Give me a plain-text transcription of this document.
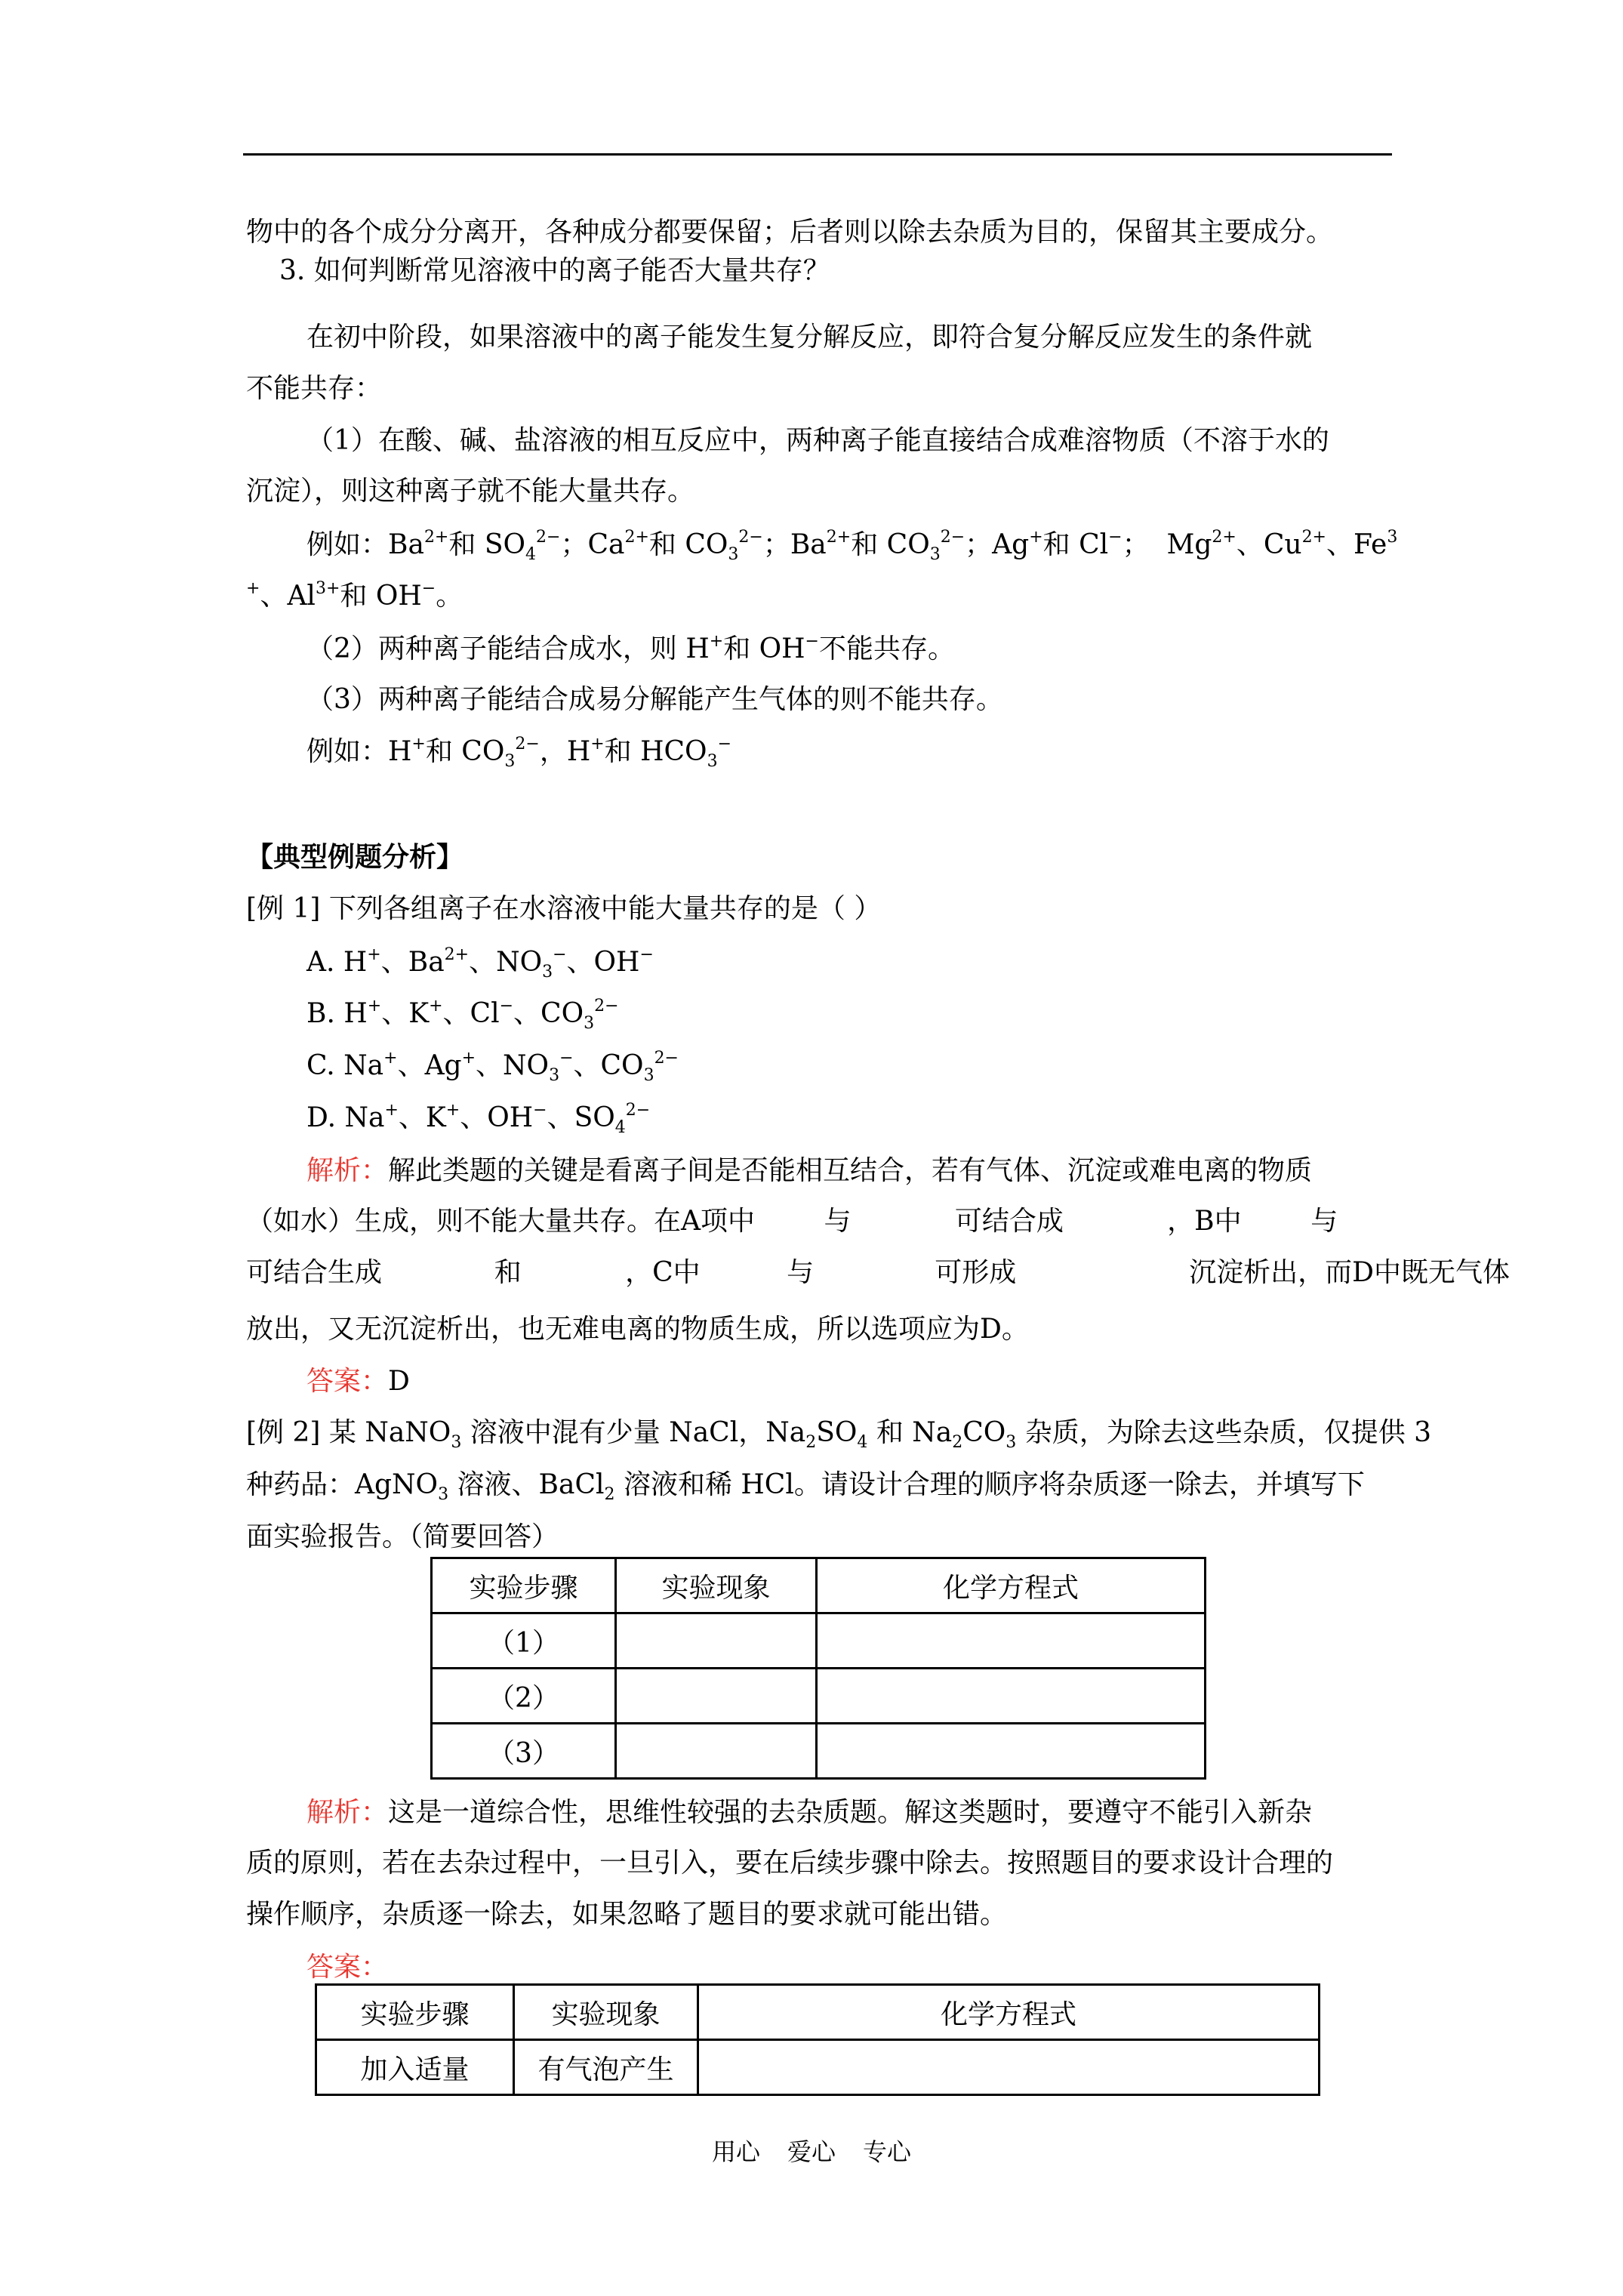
物中的各个成分分离开，各种成分都要保留；后者则以除去杂质为目的，保留其主要成分。
3. 如何判断常见溶液中的离子能否大量共存？
在初中阶段，如果溶液中的离子能发生复分解反应，即符合复分解反应发生的条件就
不能共存：
（1）在酸、碱、盐溶液的相互反应中，两种离子能直接结合成难溶物质（不溶于水的
沉淀），则这种离子就不能大量共存。
例如：$Ba^{2+}$和 $SO_4^{2-}$；$Ca^{2+}$和 $CO_3^{2-}$；$Ba^{2+}$和 $CO_3^{2-}$；Ag+和 Cl−；  $Mg^{2+}$、$Cu^{2+}$、Fe$^3$
+、$Al^{3+}$和 OH−。
（2）两种离子能结合成水，则 H+和 OH−不能共存。
（3）两种离子能结合成易分解能产生气体的则不能共存。
例如：H+和 $CO_3^{2-}$，H+和 $HCO_3^-$
【典型例题分析】
[例 1] 下列各组离子在水溶液中能大量共存的是（ ）
A. H+、$Ba^{2+}$、$NO_3^-$、OH−
B. H+、K+、Cl−、$CO_3^{2-}$
C. Na+、Ag+、$NO_3^-$、$CO_3^{2-}$
D. Na+、K+、OH−、$SO_4^{2-}$
解析：解此类题的关键是看离子间是否能相互结合，若有气体、沉淀或难电离的物质
（如水）生成，则不能大量共存。在A项中        与            可结合成            ，B中        与
可结合生成             和            ，C中          与              可形成                    沉淀析出，而D中既无气体
放出，又无沉淀析出，也无难电离的物质生成，所以选项应为D。
答案：D
[例 2] 某 NaNO$_3$ 溶液中混有少量 NaCl，$Na_2SO_4$ 和 $Na_2CO_3$ 杂质，为除去这些杂质，仅提供 3
种药品：AgNO$_3$ 溶液、BaCl$_2$ 溶液和稀 HCl。请设计合理的顺序将杂质逐一除去，并填写下
面实验报告。（简要回答）
实验步骤	实验现象	化学方程式
（1）		
（2）		
（3）		
解析：这是一道综合性，思维性较强的去杂质题。解这类题时，要遵守不能引入新杂
质的原则，若在去杂过程中，一旦引入，要在后续步骤中除去。按照题目的要求设计合理的
操作顺序，杂质逐一除去，如果忽略了题目的要求就可能出错。
答案：
实验步骤	实验现象	化学方程式
加入适量	有气泡产生	
用心 爱心 专心
